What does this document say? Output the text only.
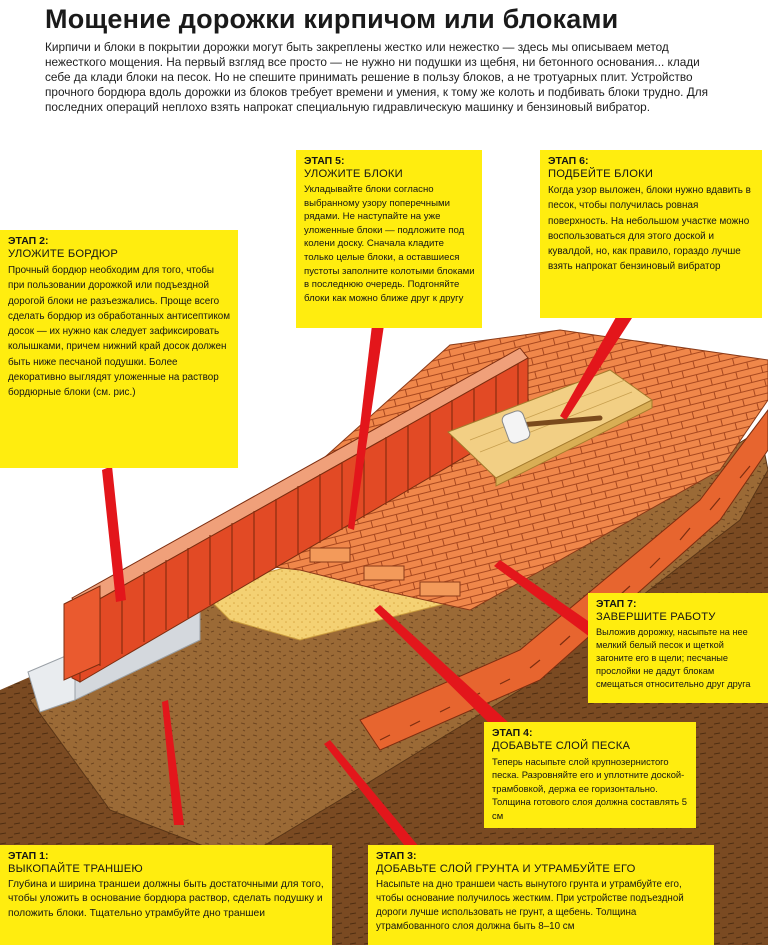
Мощение дорожки кирпичом или блоками
Кирпичи и блоки в покрытии дорожки могут быть закреплены жестко или нежестко — здесь мы описываем метод нежесткого мощения. На первый взгляд все просто — не нужно ни подушки из щебня, ни бетонного основания... клади себе да клади блоки на песок. Но не спешите принимать решение в пользу блоков, а не тротуарных плит. Устройство прочного бордюра вдоль дорожки из блоков требует времени и умения, к тому же колоть и подбивать блоки трудно. Для последних операций неплохо взять напрокат специальную гидравлическую машинку и бензиновый вибратор.
ЭТАП 2:
УЛОЖИТЕ БОРДЮР
Прочный бордюр необходим для того, чтобы при пользовании дорожкой или подъездной дорогой блоки не разъезжались. Проще всего сделать бордюр из обработанных антисептиком досок — их нужно как следует зафиксировать колышками, причем нижний край досок должен быть ниже песчаной подушки. Более декоративно выглядят уложенные на раствор бордюрные блоки (см. рис.)
ЭТАП 5:
УЛОЖИТЕ БЛОКИ
Укладывайте блоки согласно выбранному узору поперечными рядами. Не наступайте на уже уложенные блоки — подложите под колени доску. Сначала кладите только целые блоки, а оставшиеся пустоты заполните колотыми блоками в последнюю очередь. Подгоняйте блоки как можно ближе друг к другу
ЭТАП 6:
ПОДБЕЙТЕ БЛОКИ
Когда узор выложен, блоки нужно вдавить в песок, чтобы получилась ровная поверхность. На небольшом участке можно воспользоваться для этого доской и кувалдой, но, как правило, гораздо лучше взять напрокат бензиновый вибратор
ЭТАП 7:
ЗАВЕРШИТЕ РАБОТУ
Выложив дорожку, насыпьте на нее мелкий белый песок и щеткой загоните его в щели; песчаные прослойки не дадут блокам смещаться относительно друг друга
ЭТАП 4:
ДОБАВЬТЕ СЛОЙ ПЕСКА
Теперь насыпьте слой крупнозернистого песка. Разровняйте его и уплотните доской-трамбовкой, держа ее горизонтально. Толщина готового слоя должна составлять 5 см
ЭТАП 1:
ВЫКОПАЙТЕ ТРАНШЕЮ
Глубина и ширина траншеи должны быть достаточными для того, чтобы уложить в основание бордюра раствор, сделать подушку и положить блоки. Тщательно утрамбуйте дно траншеи
ЭТАП 3:
ДОБАВЬТЕ СЛОЙ ГРУНТА И УТРАМБУЙТЕ ЕГО
Насыпьте на дно траншеи часть вынутого грунта и утрамбуйте его, чтобы основание получилось жестким. При устройстве подъездной дороги лучше использовать не грунт, а щебень. Толщина утрамбованного слоя должна быть 8–10 см
